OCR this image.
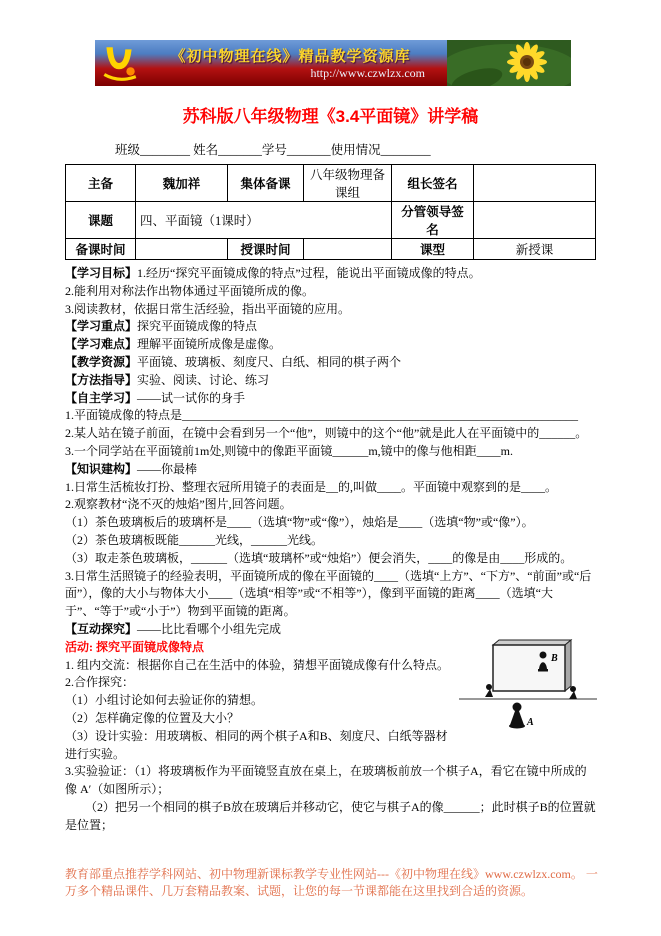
《初中物理在线》精品教学资源库
http://www.czwlzx.com
苏科版八年级物理《3.4平面镜》讲学稿
班级________ 姓名_______学号_______使用情况________
主备	魏加祥	集体备课	八年级物理备课组	组长签名	
课题	四、平面镜（1课时）			分管领导签名	
备课时间		授课时间		课型	新授课

【学习目标】1.经历“探究平面镜成像的特点”过程，能说出平面镜成像的特点。

2.能利用对称法作出物体通过平面镜所成的像。

3.阅读教材，依据日常生活经验，指出平面镜的应用。

【学习重点】探究平面镜成像的特点

【学习难点】理解平面镜所成像是虚像。

【教学资源】平面镜、玻璃板、刻度尺、白纸、相同的棋子两个

【方法指导】实验、阅读、讨论、练习

【自主学习】——试一试你的身手

1.平面镜成像的特点是__________________________________________________________________

2.某人站在镜子前面，在镜中会看到另一个“他”，则镜中的这个“他”就是此人在平面镜中的______。

3.一个同学站在平面镜前1m处,则镜中的像距平面镜______m,镜中的像与他相距____m.

【知识建构】——你最棒

1.日常生活梳妆打扮、整理衣冠所用镜子的表面是__的,叫做____。平面镜中观察到的是____。

2.观察教材“浇不灭的烛焰”图片,回答问题。

（1）茶色玻璃板后的玻璃杯是____（选填“物”或“像”），烛焰是____（选填“物”或“像”）。

（2）茶色玻璃板既能______光线，______光线。

（3）取走茶色玻璃板，______（选填“玻璃杯”或“烛焰”）便会消失，____的像是由____形成的。

3.日常生活照镜子的经验表明，平面镜所成的像在平面镜的____（选填“上方”、“下方”、“前面”或“后面”），像的大小与物体大小____（选填“相等”或“不相等”），像到平面镜的距离____（选填“大于”、“等于”或“小于”）物到平面镜的距离。

【互动探究】——比比看哪个小组先完成

B
A

活动: 探究平面镜成像特点

1. 组内交流：根据你自己在生活中的体验，猜想平面镜成像有什么特点。

2.合作探究：

（1）小组讨论如何去验证你的猜想。

（2）怎样确定像的位置及大小？

（3）设计实验：用玻璃板、相同的两个棋子A和B、刻度尺、白纸等器材进行实验。

3.实验验证：（1）将玻璃板作为平面镜竖直放在桌上，在玻璃板前放一个棋子A，看它在镜中所成的像 A′（如图所示）；

（2）把另一个相同的棋子B放在玻璃后并移动它，使它与棋子A的像______；此时棋子B的位置就是位置；

教育部重点推荐学科网站、初中物理新课标教学专业性网站---《初中物理在线》www.czwlzx.com。 一万多个精品课件、几万套精品教案、试题，让您的每一节课都能在这里找到合适的资源。
